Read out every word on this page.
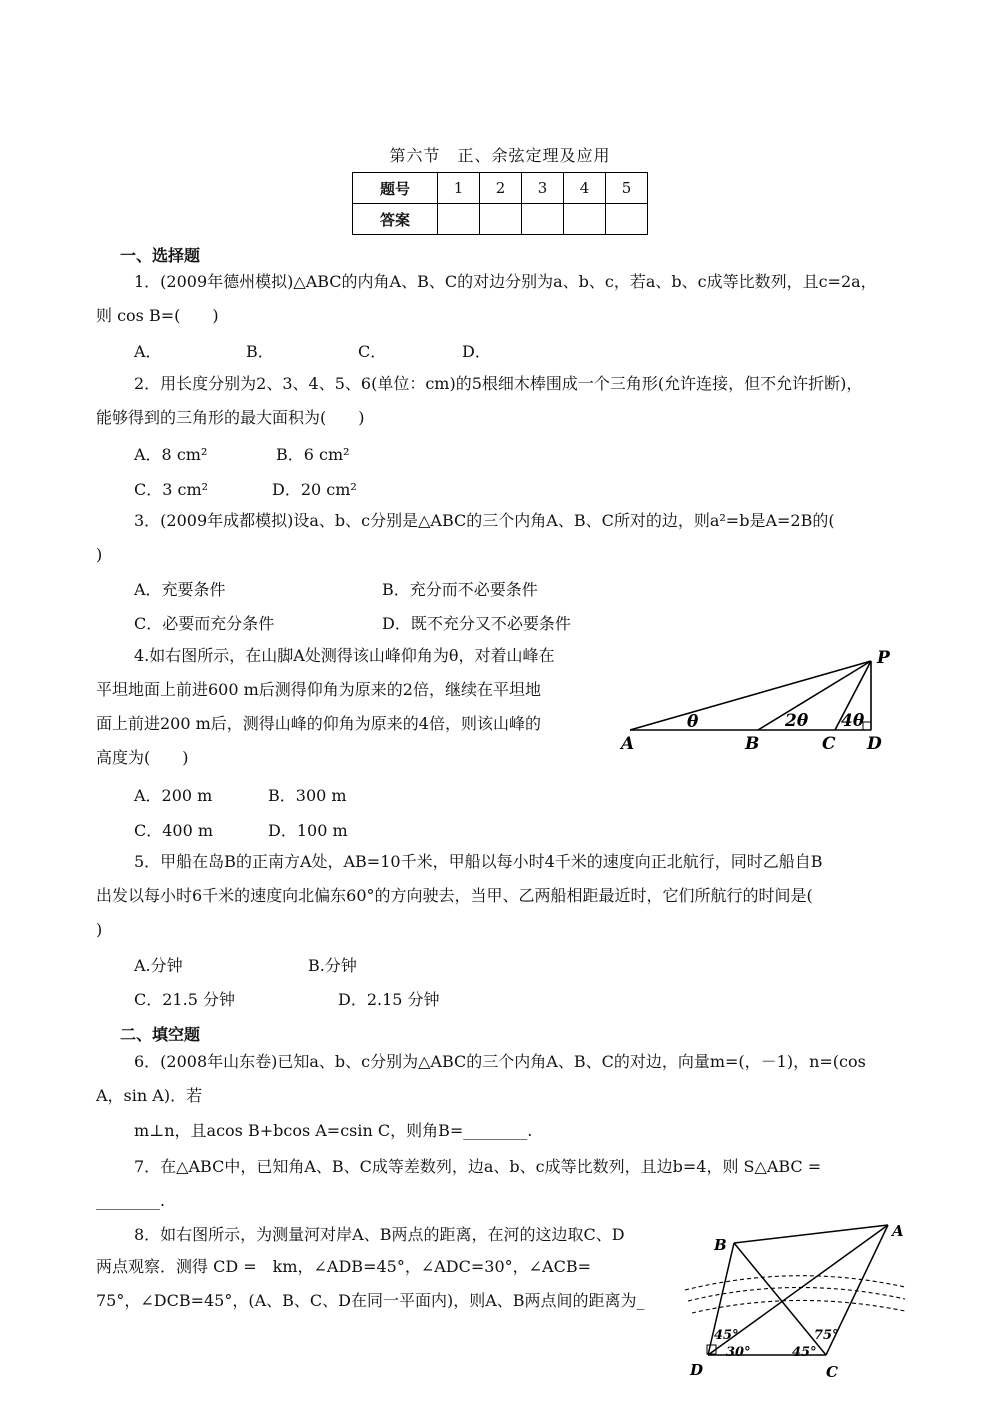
第六节　正、余弦定理及应用
题号	1	2	3	4	5
答案					
一、选择题
1．(2009年德州模拟)△ABC的内角A、B、C的对边分别为a、b、c，若a、b、c成等比数列，且c=2a，
则 cos B=(　　)
A．	B．	C．	D．
2．用长度分别为2、3、4、5、6(单位：cm)的5根细木棒围成一个三角形(允许连接，但不允许折断)，
能够得到的三角形的最大面积为(　　)
A．8 cm²	B．6 cm²
C．3 cm²	D．20 cm²
3．(2009年成都模拟)设a、b、c分别是△ABC的三个内角A、B、C所对的边，则a²=b是A=2B的(
)
A．充要条件	B．充分而不必要条件
C．必要而充分条件	D．既不充分又不必要条件
4.如右图所示，在山脚A处测得该山峰仰角为θ，对着山峰在
平坦地面上前进600 m后测得仰角为原来的2倍，继续在平坦地
面上前进200 m后，测得山峰的仰角为原来的4倍，则该山峰的
高度为(　　)
A．200 m	B．300 m
C．400 m	D．100 m
P
A	B	C D
θ	2θ 4θ
5．甲船在岛B的正南方A处，AB=10千米，甲船以每小时4千米的速度向正北航行，同时乙船自B
出发以每小时6千米的速度向北偏东60°的方向驶去，当甲、乙两船相距最近时，它们所航行的时间是(
)
A.分钟	B.分钟
C．21.5 分钟	D．2.15 分钟
二、填空题
6．(2008年山东卷)已知a、b、c分别为△ABC的三个内角A、B、C的对边，向量m=(，－1)，n=(cos
A，sin A)．若
m⊥n，且acos B+bcos A=csin C，则角B=________.
7．在△ABC中，已知角A、B、C成等差数列，边a、b、c成等比数列，且边b=4，则 S△ABC =
________.
8．如右图所示，为测量河对岸A、B两点的距离，在河的这边取C、D
两点观察．测得 CD =　km，∠ADB=45°，∠ADC=30°，∠ACB=
75°，∠DCB=45°，(A、B、C、D在同一平面内)，则A、B两点间的距离为_
B
A
D	C
45°
30°	45°
75°
